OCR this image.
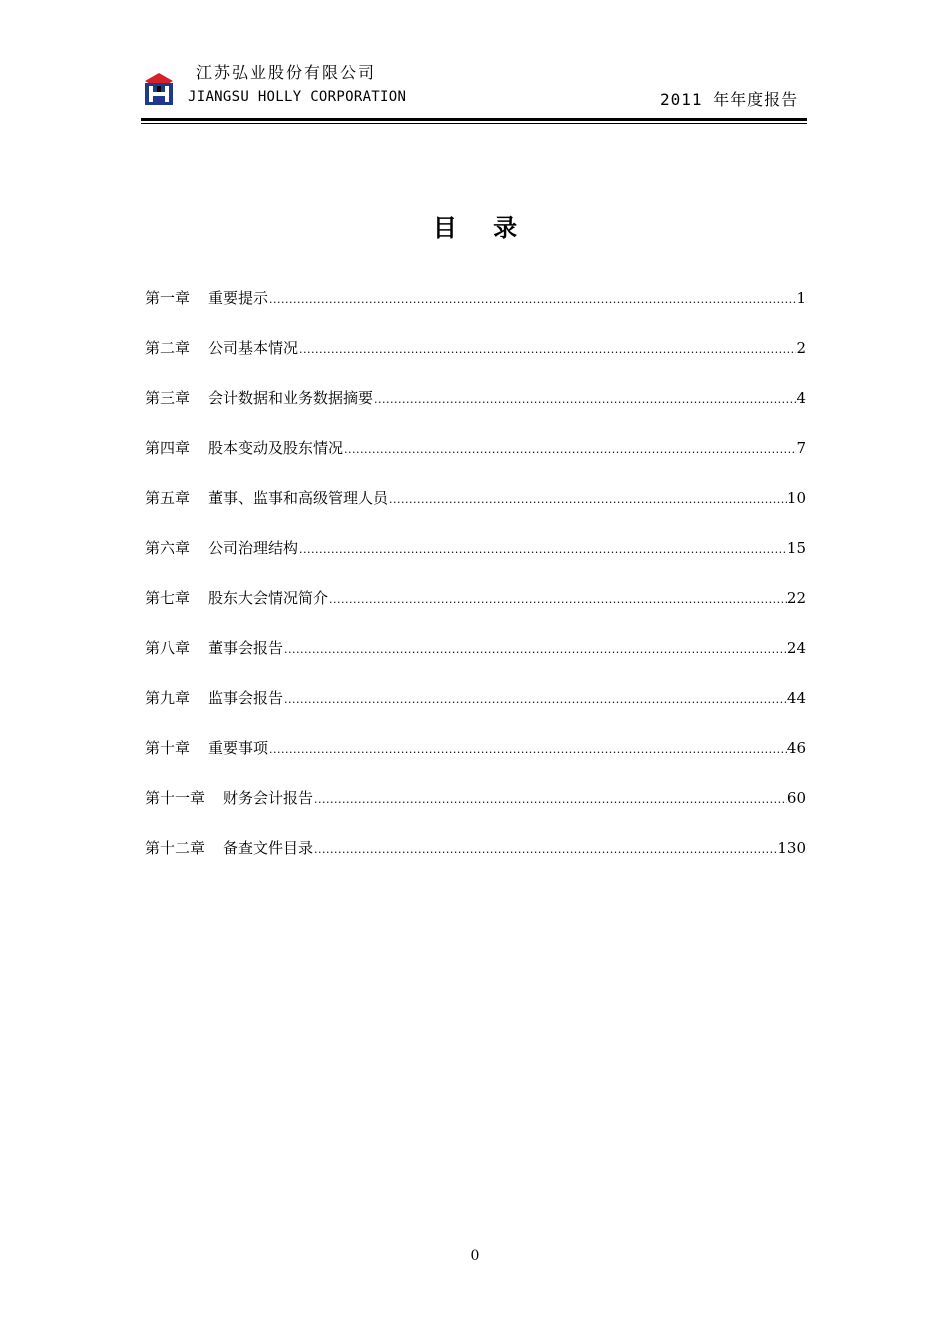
江苏弘业股份有限公司
JIANGSU HOLLY CORPORATION	2011 年年度报告
目 录
第一章	重要提示 .....	1
第二章	公司基本情况 .....	2
第三章	会计数据和业务数据摘要 .....	4
第四章	股本变动及股东情况 .....	7
第五章	董事、监事和高级管理人员 .....	10
第六章	公司治理结构 .....	15
第七章	股东大会情况简介 .....	22
第八章	董事会报告 .....	24
第九章	监事会报告 .....	44
第十章	重要事项 .....	46
第十一章	财务会计报告 .....	60
第十二章	备查文件目录 .....	130
0
